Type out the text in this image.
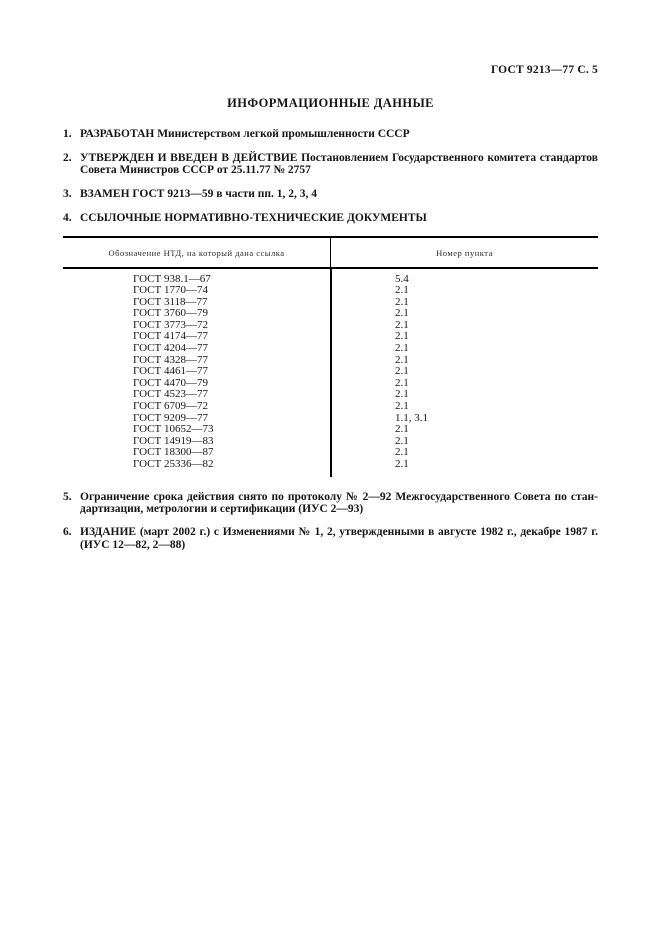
ГОСТ 9213—77 С. 5
ИНФОРМАЦИОННЫЕ ДАННЫЕ
1. РАЗРАБОТАН Министерством легкой промышленности СССР
2. УТВЕРЖДЕН И ВВЕДЕН В ДЕЙСТВИЕ Постановлением Государственного комитета стандартов
Совета Министров СССР от 25.11.77 № 2757
3. ВЗАМЕН ГОСТ 9213—59 в части пп. 1, 2, 3, 4
4. ССЫЛОЧНЫЕ НОРМАТИВНО-ТЕХНИЧЕСКИЕ ДОКУМЕНТЫ
Обозначение НТД, на который дана ссылка	Номер пункта
ГОСТ 938.1—67	5.4
ГОСТ 1770—74	2.1
ГОСТ 3118—77	2.1
ГОСТ 3760—79	2.1
ГОСТ 3773—72	2.1
ГОСТ 4174—77	2.1
ГОСТ 4204—77	2.1
ГОСТ 4328—77	2.1
ГОСТ 4461—77	2.1
ГОСТ 4470—79	2.1
ГОСТ 4523—77	2.1
ГОСТ 6709—72	2.1
ГОСТ 9209—77	1.1, 3.1
ГОСТ 10652—73	2.1
ГОСТ 14919—83	2.1
ГОСТ 18300—87	2.1
ГОСТ 25336—82	2.1
5. Ограничение срока действия снято по протоколу № 2—92 Межгосударственного Совета по стан-
дартизации, метрологии и сертификации (ИУС 2—93)
6. ИЗДАНИЕ (март 2002 г.) с Изменениями № 1, 2, утвержденными в августе 1982 г., декабре 1987 г.
(ИУС 12—82, 2—88)
